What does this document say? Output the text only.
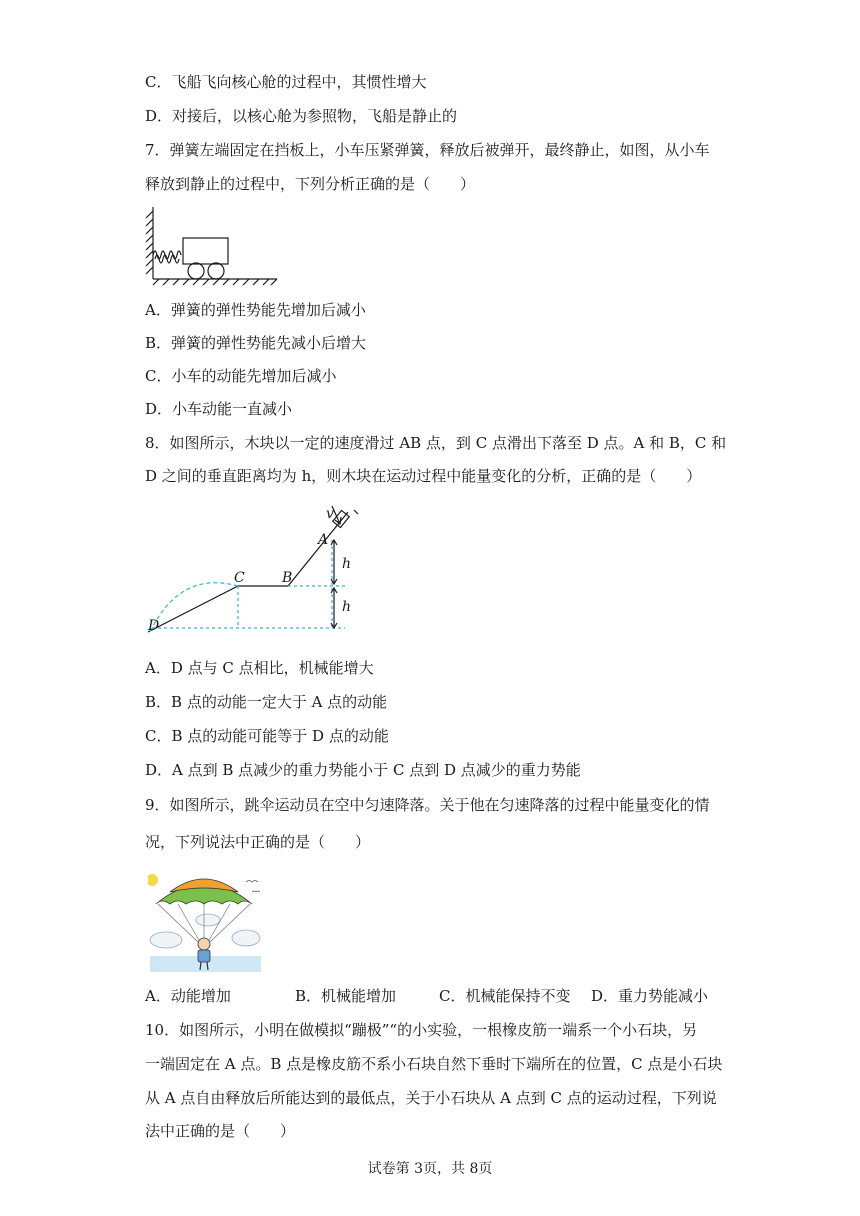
C．飞船飞向核心舱的过程中，其惯性增大
D．对接后，以核心舱为参照物，飞船是静止的
7．弹簧左端固定在挡板上，小车压紧弹簧，释放后被弹开，最终静止，如图，从小车
释放到静止的过程中，下列分析正确的是（　　）
A．弹簧的弹性势能先增加后减小
B．弹簧的弹性势能先减小后增大
C．小车的动能先增加后减小
D．小车动能一直减小
8．如图所示，木块以一定的速度滑过 AB 点，到 C 点滑出下落至 D 点。A 和 B，C 和
D 之间的垂直距离均为 h，则木块在运动过程中能量变化的分析，正确的是（　　）
v
A
B
C
D
h
h
A．D 点与 C 点相比，机械能增大
B．B 点的动能一定大于 A 点的动能
C．B 点的动能可能等于 D 点的动能
D．A 点到 B 点减少的重力势能小于 C 点到 D 点减少的重力势能
9．如图所示，跳伞运动员在空中匀速降落。关于他在匀速降落的过程中能量变化的情
况，下列说法中正确的是（　　）
A．动能增加	B．机械能增加	C．机械能保持不变 D．重力势能减小
10．如图所示，小明在做模拟“蹦极”“的小实验，一根橡皮筋一端系一个小石块，另
一端固定在 A 点。B 点是橡皮筋不系小石块自然下垂时下端所在的位置，C 点是小石块
从 A 点自由释放后所能达到的最低点，关于小石块从 A 点到 C 点的运动过程，下列说
法中正确的是（　　）
试卷第 3页，共 8页
